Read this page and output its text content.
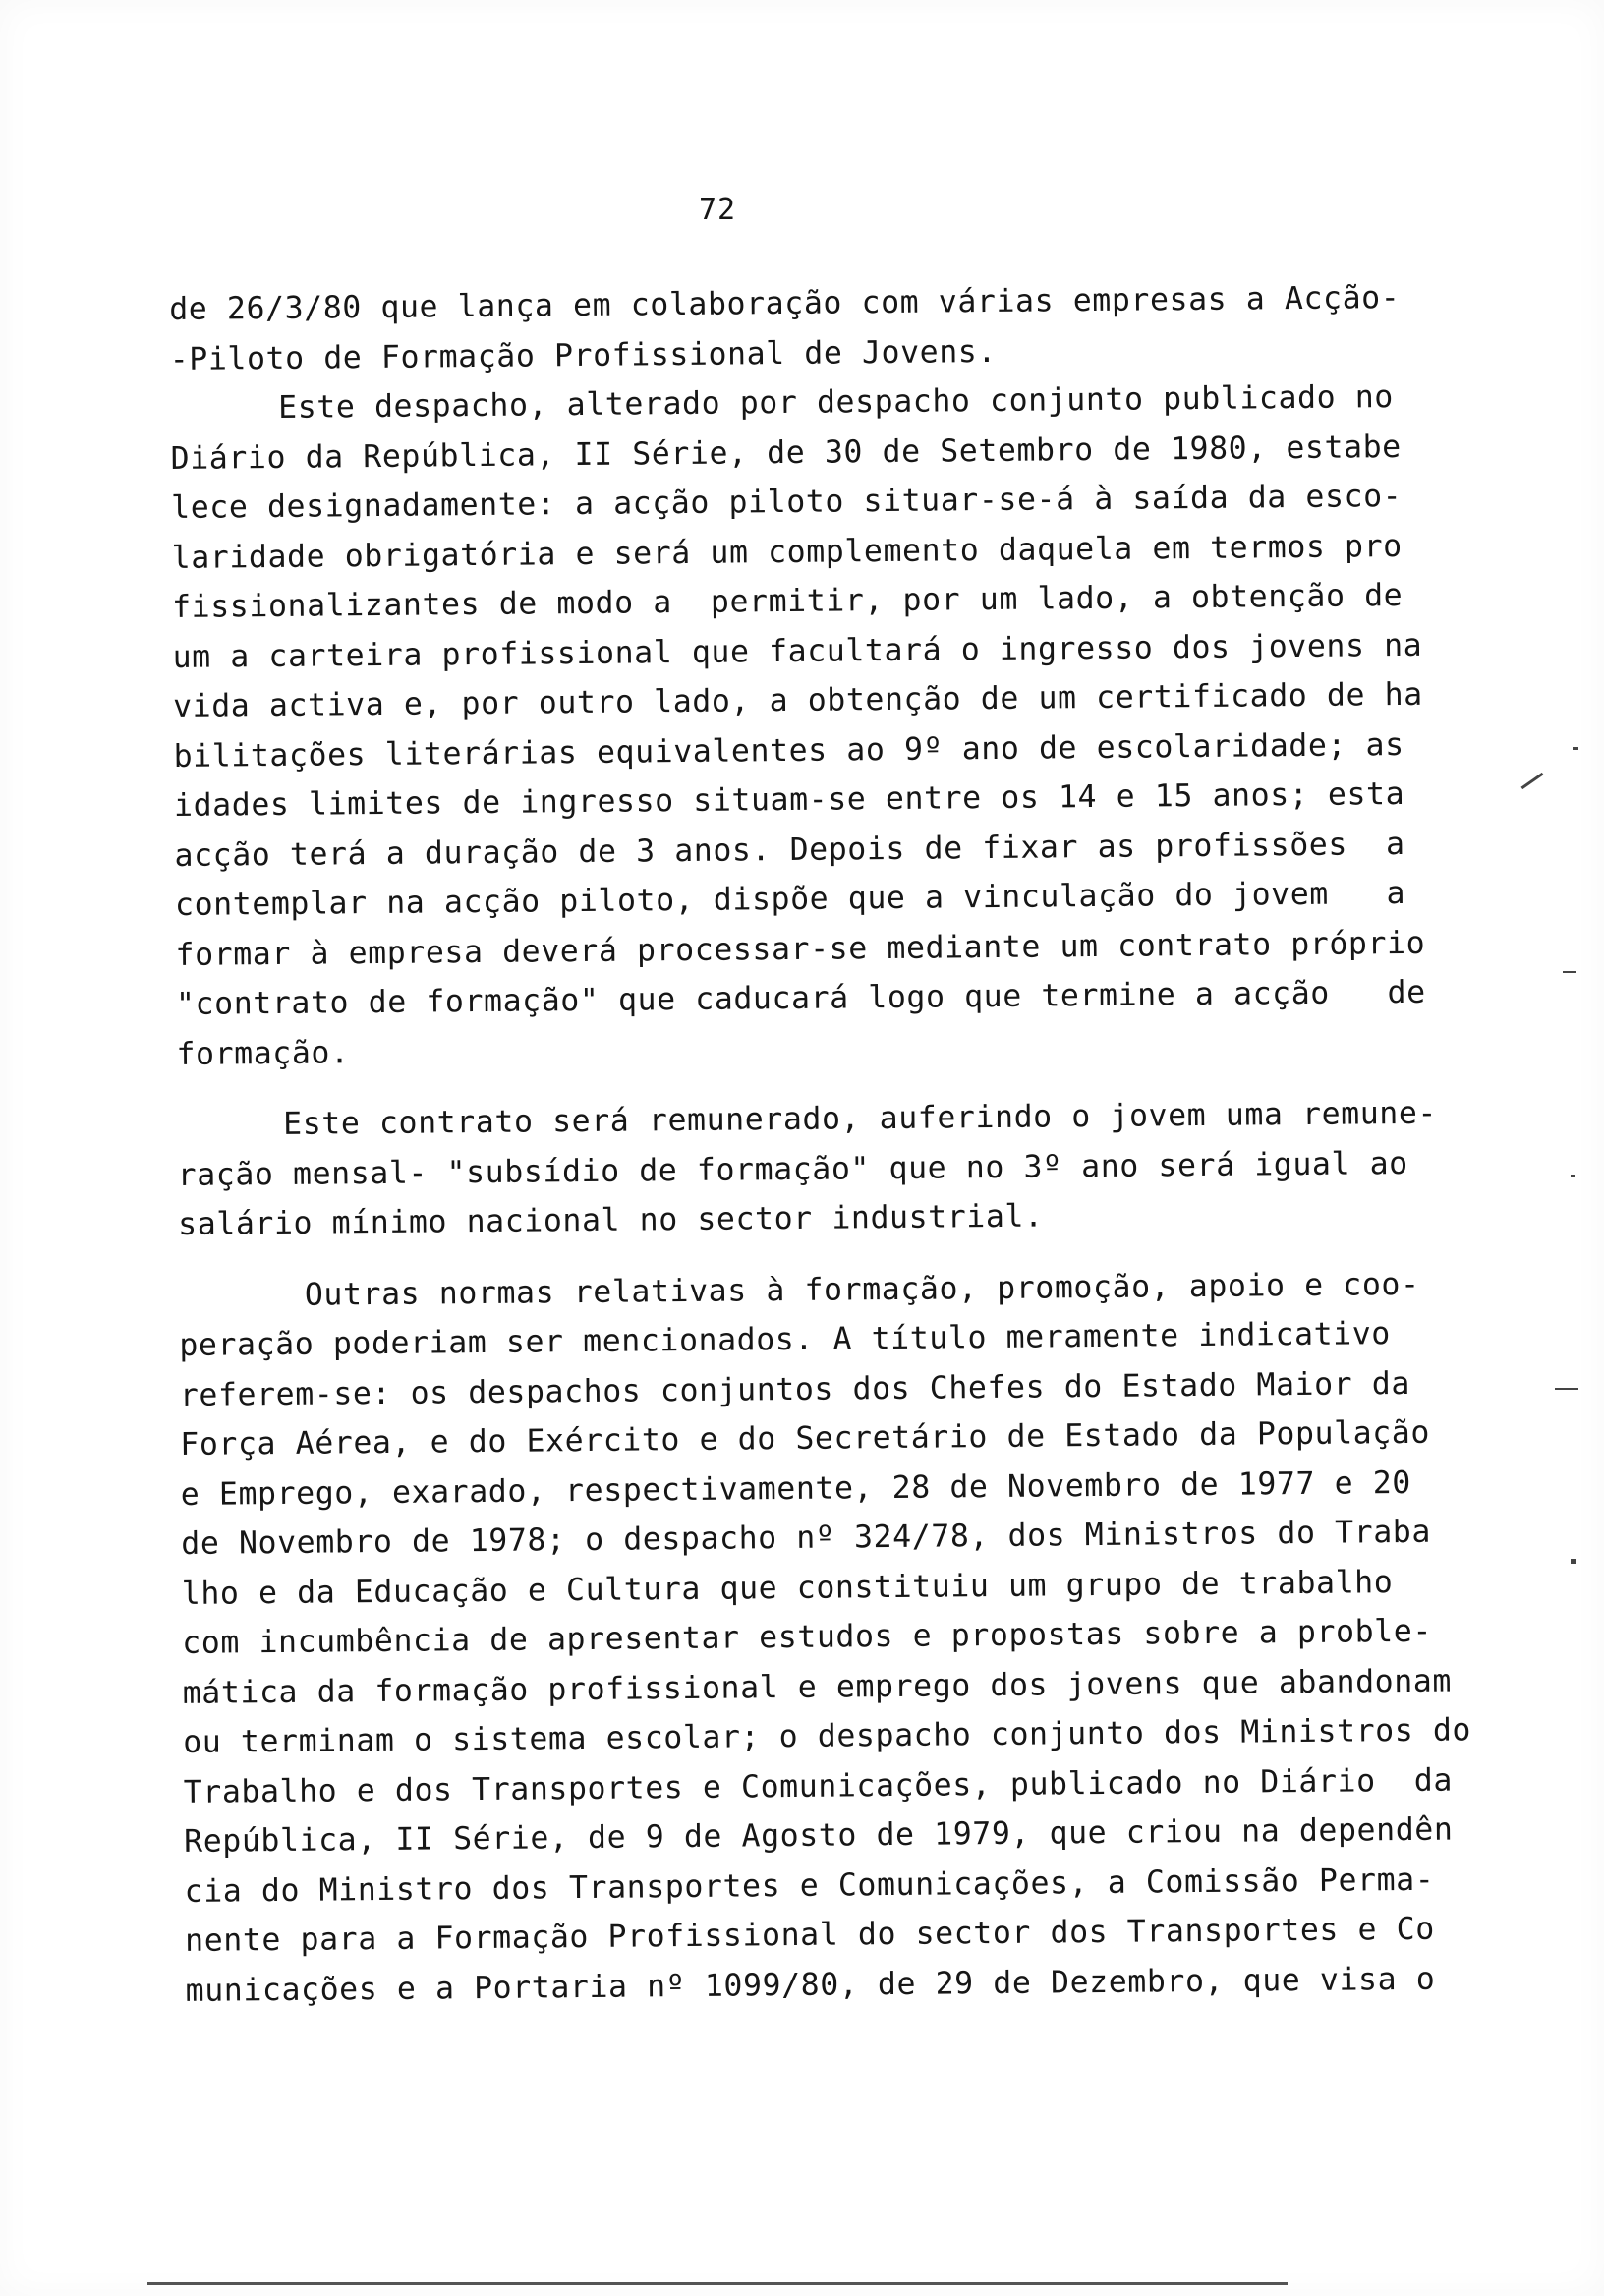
72
de 26/3/80 que lança em colaboração com várias empresas a Acção-
-Piloto de Formação Profissional de Jovens.
Este despacho, alterado por despacho conjunto publicado no
Diário da República, II Série, de 30 de Setembro de 1980, estabe
lece designadamente: a acção piloto situar-se-á à saída da esco-
laridade obrigatória e será um complemento daquela em termos pro
fissionalizantes de modo a  permitir, por um lado, a obtenção de
um a carteira profissional que facultará o ingresso dos jovens na
vida activa e, por outro lado, a obtenção de um certificado de ha
bilitações literárias equivalentes ao 9º ano de escolaridade; as
idades limites de ingresso situam-se entre os 14 e 15 anos; esta
acção terá a duração de 3 anos. Depois de fixar as profissões  a
contemplar na acção piloto, dispõe que a vinculação do jovem   a
formar à empresa deverá processar-se mediante um contrato próprio
"contrato de formação" que caducará logo que termine a acção   de
formação.
Este contrato será remunerado, auferindo o jovem uma remune-
ração mensal- "subsídio de formação" que no 3º ano será igual ao
salário mínimo nacional no sector industrial.
Outras normas relativas à formação, promoção, apoio e coo-
peração poderiam ser mencionados. A título meramente indicativo
referem-se: os despachos conjuntos dos Chefes do Estado Maior da
Força Aérea, e do Exército e do Secretário de Estado da População
e Emprego, exarado, respectivamente, 28 de Novembro de 1977 e 20
de Novembro de 1978; o despacho nº 324/78, dos Ministros do Traba
lho e da Educação e Cultura que constituiu um grupo de trabalho
com incumbência de apresentar estudos e propostas sobre a proble-
mática da formação profissional e emprego dos jovens que abandonam
ou terminam o sistema escolar; o despacho conjunto dos Ministros do
Trabalho e dos Transportes e Comunicações, publicado no Diário  da
República, II Série, de 9 de Agosto de 1979, que criou na dependên
cia do Ministro dos Transportes e Comunicações, a Comissão Perma-
nente para a Formação Profissional do sector dos Transportes e Co
municações e a Portaria nº 1099/80, de 29 de Dezembro, que visa o
